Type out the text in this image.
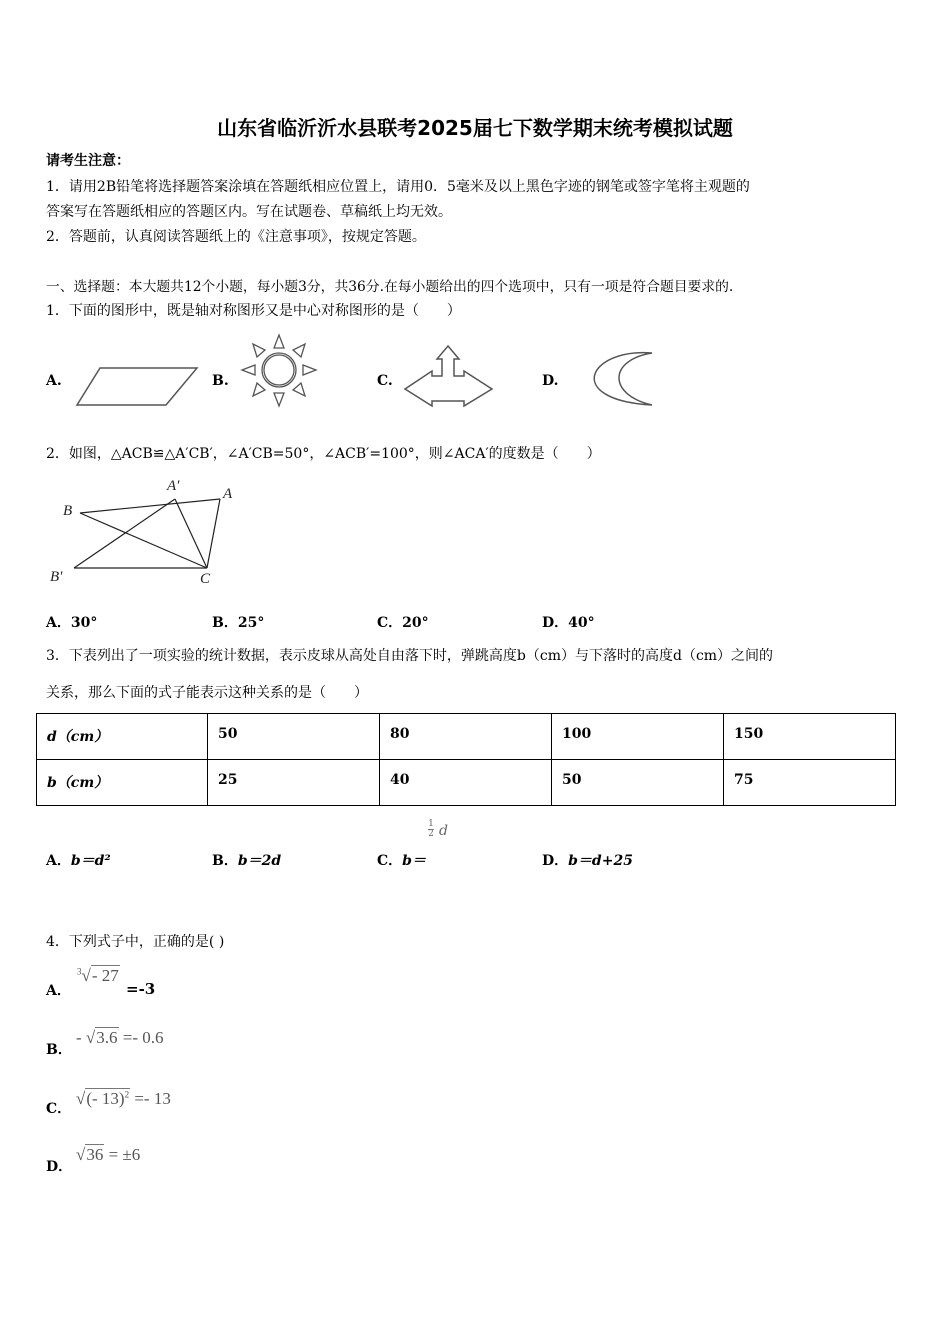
山东省临沂沂水县联考2025届七下数学期末统考模拟试题
请考生注意：
1．请用2B铅笔将选择题答案涂填在答题纸相应位置上，请用0．5毫米及以上黑色字迹的钢笔或签字笔将主观题的
答案写在答题纸相应的答题区内。写在试题卷、草稿纸上均无效。
2．答题前，认真阅读答题纸上的《注意事项》，按规定答题。
一、选择题：本大题共12个小题，每小题3分，共36分.在每小题给出的四个选项中，只有一项是符合题目要求的.
1．下面的图形中，既是轴对称图形又是中心对称图形的是（　　）
A.	B.	C.	D.
2．如图，△ACB≌△A′CB′，∠A′CB=50°，∠ACB′=100°，则∠ACA′的度数是（　　）
B
A′	A
B′	C
A．30°	B．25°	C．20°	D．40°
3．下表列出了一项实验的统计数据，表示皮球从高处自由落下时，弹跳高度b（cm）与下落时的高度d（cm）之间的
关系，那么下面的式子能表示这种关系的是（　　）
d（cm）	50	80	100	150
b（cm）	25	40	50	75
A．b＝d²	B．b＝2d	C．b＝
$\frac{1}{2}$ d
D．b＝d+25
4．下列式子中，正确的是( )
A．
$^3$√- 27
=-3
B．
- √3.6 =- 0.6
C．
√(- 13)$^2$ =- 13
D．
√36 = ±6
